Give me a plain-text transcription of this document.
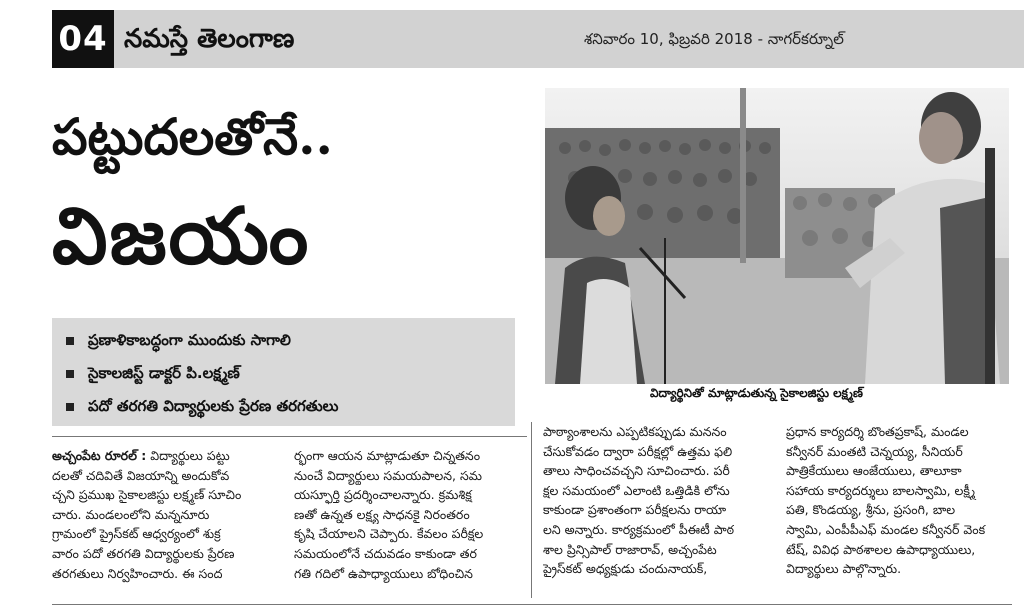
04 నమస్తే తెలంగాణ	శనివారం 10, ఫిబ్రవరి 2018 - నాగర్‌కర్నూల్
పట్టుదలతోనే..
విజయం
విద్యార్థినితో మాట్లాడుతున్న సైకాలజిస్టు లక్ష్మణ్
ప్రణాళికాబద్ధంగా ముందుకు సాగాలి
సైకాలజిస్ట్ డాక్టర్ పి.లక్ష్మణ్
పదో తరగతి విద్యార్థులకు ప్రేరణ తరగతులు

అచ్చంపేట రూరల్ : విద్యార్థులు పట్టు

దలతో చదివితే విజయాన్ని అందుకోవ

చ్చని ప్రముఖ సైకాలజిస్టు లక్ష్మణ్ సూచిం

చారు. మండలంలోని మన్ననూరు

గ్రామంలో ప్రైస్‌కట్ ఆధ్వర్యంలో శుక్ర

వారం పదో తరగతి విద్యార్థులకు ప్రేరణ

తరగతులు నిర్వహించారు. ఈ సంద

ర్భంగా ఆయన మాట్లాడుతూ చిన్నతనం

నుంచే విద్యార్థులు సమయపాలన, సమ

యస్ఫూర్తి ప్రదర్శించాలన్నారు. క్రమశిక్ష

ణతో ఉన్నత లక్ష్య సాధనకై నిరంతరం

కృషి చేయాలని చెప్పారు. కేవలం పరీక్షల

సమయంలోనే చదువడం కాకుండా తర

గతి గదిలో ఉపాధ్యాయులు బోధించిన

పాఠ్యాంశాలను ఎప్పటికప్పుడు మననం

చేసుకోవడం ద్వారా పరీక్షల్లో ఉత్తమ ఫలి

తాలు సాధించవచ్చని సూచించారు. పరీ

క్షల సమయంలో ఎలాంటి ఒత్తిడికి లోను

కాకుండా ప్రశాంతంగా పరీక్షలను రాయా

లని అన్నారు. కార్యక్రమంలో పీఈటీ పాఠ

శాల ప్రిన్సిపాల్ రాజారావ్, అచ్చంపేట

ప్రైస్‌కట్ అధ్యక్షుడు చందునాయక్,

ప్రధాన కార్యదర్శి బొంతప్రకాష్, మండల

కన్వీనర్ మంతటి చెన్నయ్య, సీనియర్

పాత్రికేయులు ఆంజేయులు, తాలూకా

సహాయ కార్యదర్శులు బాలస్వామి, లక్ష్మీ

పతి, కొండయ్య, శ్రీను, ప్రసంగి, బాల

స్వామి, ఎంపీపీఎఫ్ మండల కన్వీనర్ వెంక

టేష్, వివిధ పాఠశాలల ఉపాధ్యాయులు,

విద్యార్థులు పాల్గొన్నారు.
